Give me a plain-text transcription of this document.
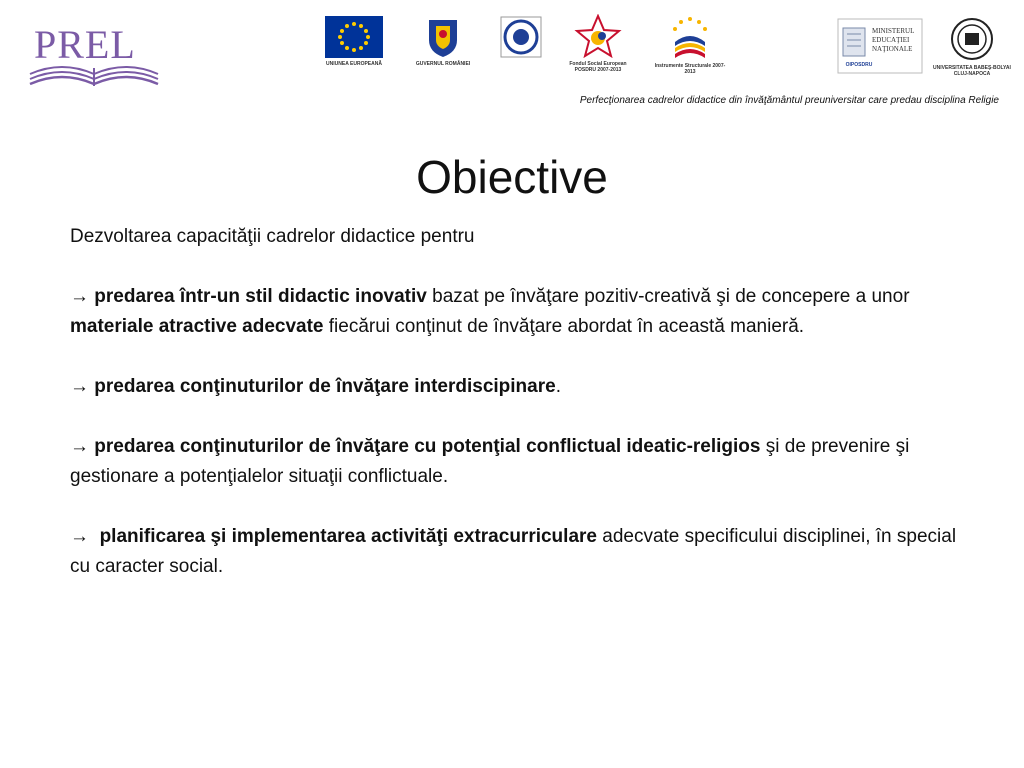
PREL	UNIUNEA EUROPEANĂ	GUVERNUL ROMÂNIEI	Fondul Social European POSDRU 2007-2013
Instrumente Structurale 2007-2013
MINISTERUL EDUCAŢIEI NAŢIONALE
OIPOSDRU	UNIVERSITATEA BABEŞ-BOLYAI CLUJ-NAPOCA
Perfecţionarea cadrelor didactice din învăţământul preuniversitar care predau disciplina Religie
Obiective

Dezvoltarea capacităţii cadrelor didactice pentru

→ predarea într-un stil didactic inovativ bazat pe învăţare pozitiv-creativă şi de concepere a unor materiale atractive adecvate fiecărui conţinut de învăţare abordat în această manieră.

→ predarea conţinuturilor de învăţare interdiscipinare.

→ predarea conţinuturilor de învăţare cu potenţial conflictual ideatic-religios şi de prevenire şi gestionare a potenţialelor situaţii conflictuale.

→  planificarea şi implementarea activităţi extracurriculare adecvate specificului disciplinei, în special cu caracter social.
